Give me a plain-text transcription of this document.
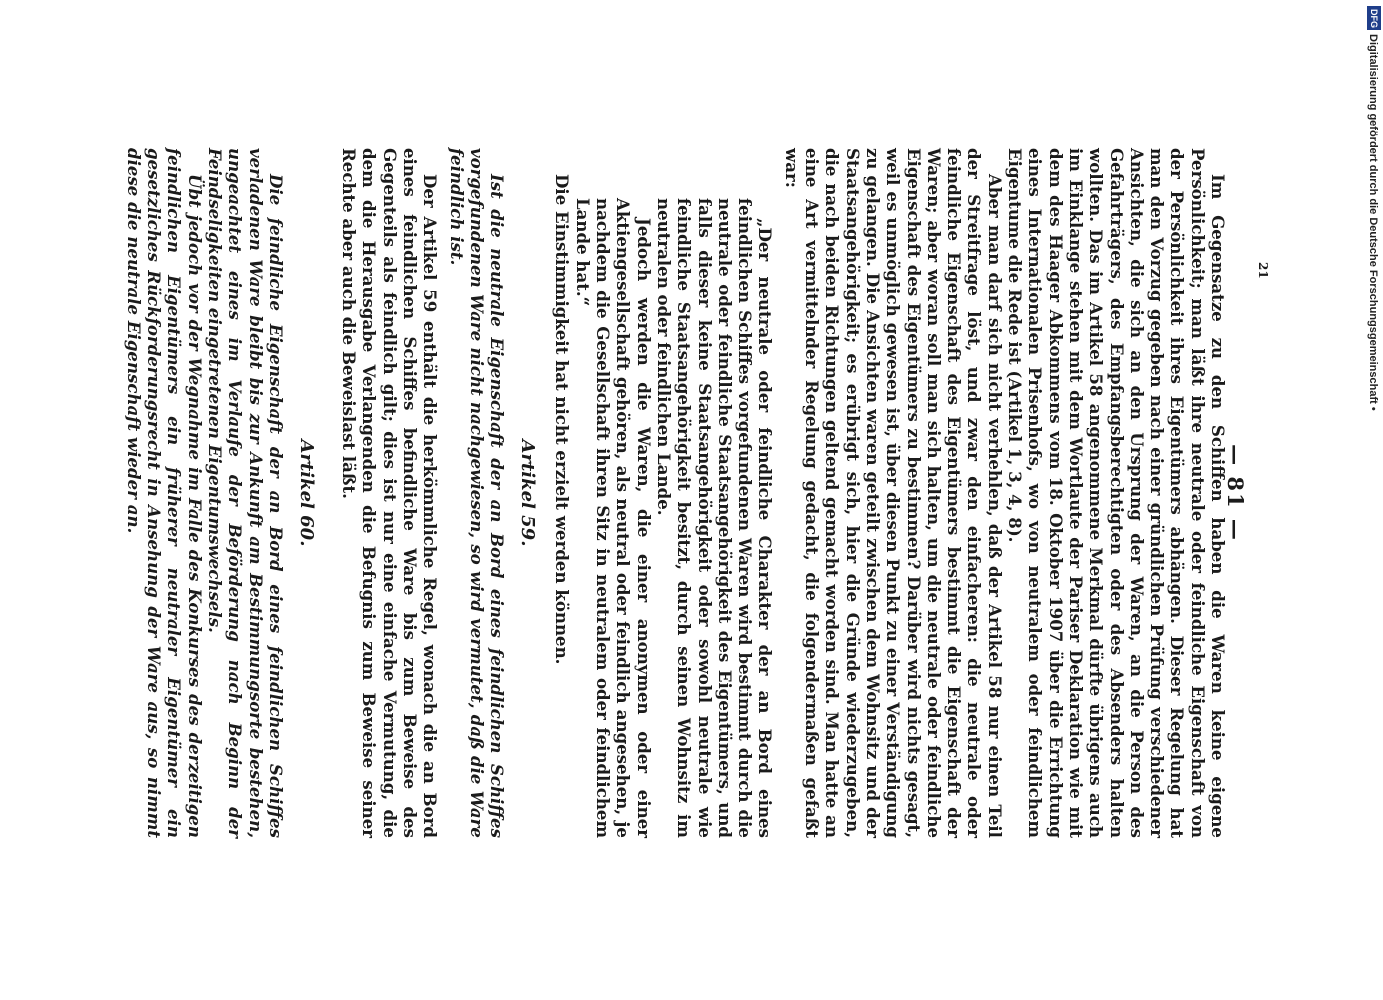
— 81 —

Im Gegensatze zu den Schiffen haben die Waren keine eigene Persönlichkeit; man läßt ihre neutrale oder feindliche Eigenschaft von der Persönlichkeit ihres Eigentümers abhängen. Dieser Regelung hat man den Vorzug gegeben nach einer gründlichen Prüfung verschiedener Ansichten, die sich an den Ursprung der Waren, an die Person des Gefahrträgers, des Empfangsberechtigten oder des Absenders halten wollten. Das im Artikel 58 angenommene Merkmal dürfte übrigens auch im Einklange stehen mit dem Wortlaute der Pariser Deklaration wie mit dem des Haager Abkommens vom 18. Oktober 1907 über die Errichtung eines Internationalen Prisenhofs, wo von neutralem oder feindlichem Eigentume die Rede ist (Artikel 1, 3, 4, 8).

Aber man darf sich nicht verhehlen, daß der Artikel 58 nur einen Teil der Streitfrage löst, und zwar den einfacheren: die neutrale oder feindliche Eigenschaft des Eigentümers bestimmt die Eigenschaft der Waren; aber woran soll man sich halten, um die neutrale oder feindliche Eigenschaft des Eigentümers zu bestimmen? Darüber wird nichts gesagt, weil es unmöglich gewesen ist, über diesen Punkt zu einer Verständigung zu gelangen. Die Ansichten waren geteilt zwischen dem Wohnsitz und der Staatsangehörigkeit; es erübrigt sich, hier die Gründe wiederzugeben, die nach beiden Richtungen geltend gemacht worden sind. Man hatte an eine Art vermittelnder Regelung gedacht, die folgendermaßen gefaßt war:

„Der neutrale oder feindliche Charakter der an Bord eines feindlichen Schiffes vorgefundenen Waren wird bestimmt durch die neutrale oder feindliche Staatsangehörigkeit des Eigentümers, und falls dieser keine Staatsangehörigkeit oder sowohl neutrale wie feindliche Staatsangehörigkeit besitzt, durch seinen Wohnsitz im neutralen oder feindlichen Lande.

Jedoch werden die Waren, die einer anonymen oder einer Aktiengesellschaft gehören, als neutral oder feindlich angesehen, je nachdem die Gesellschaft ihren Sitz in neutralem oder feindlichem Lande hat.“

Die Einstimmigkeit hat nicht erzielt werden können.

Artikel 59.

Ist die neutrale Eigenschaft der an Bord eines feindlichen Schiffes vorgefundenen Ware nicht nachgewiesen, so wird vermutet, daß die Ware feindlich ist.

Der Artikel 59 enthält die herkömmliche Regel, wonach die an Bord eines feindlichen Schiffes befindliche Ware bis zum Beweise des Gegenteils als feindlich gilt; dies ist nur eine einfache Vermutung, die dem die Herausgabe Verlangenden die Befugnis zum Beweise seiner Rechte aber auch die Beweislast läßt.

Artikel 60.

Die feindliche Eigenschaft der an Bord eines feindlichen Schiffes verladenen Ware bleibt bis zur Ankunft am Bestimmungsorte bestehen, ungeachtet eines im Verlaufe der Beförderung nach Beginn der Feindseligkeiten eingetretenen Eigentumswechsels.

Übt jedoch vor der Wegnahme im Falle des Konkurses des derzeitigen feindlichen Eigentümers ein früherer neutraler Eigentümer ein gesetzliches Rückforderungsrecht in Ansehung der Ware aus, so nimmt diese die neutrale Eigenschaft wieder an.	21
DFG
Digitalisierung gefördert durch die Deutsche Forschungsgemeinschaft •
